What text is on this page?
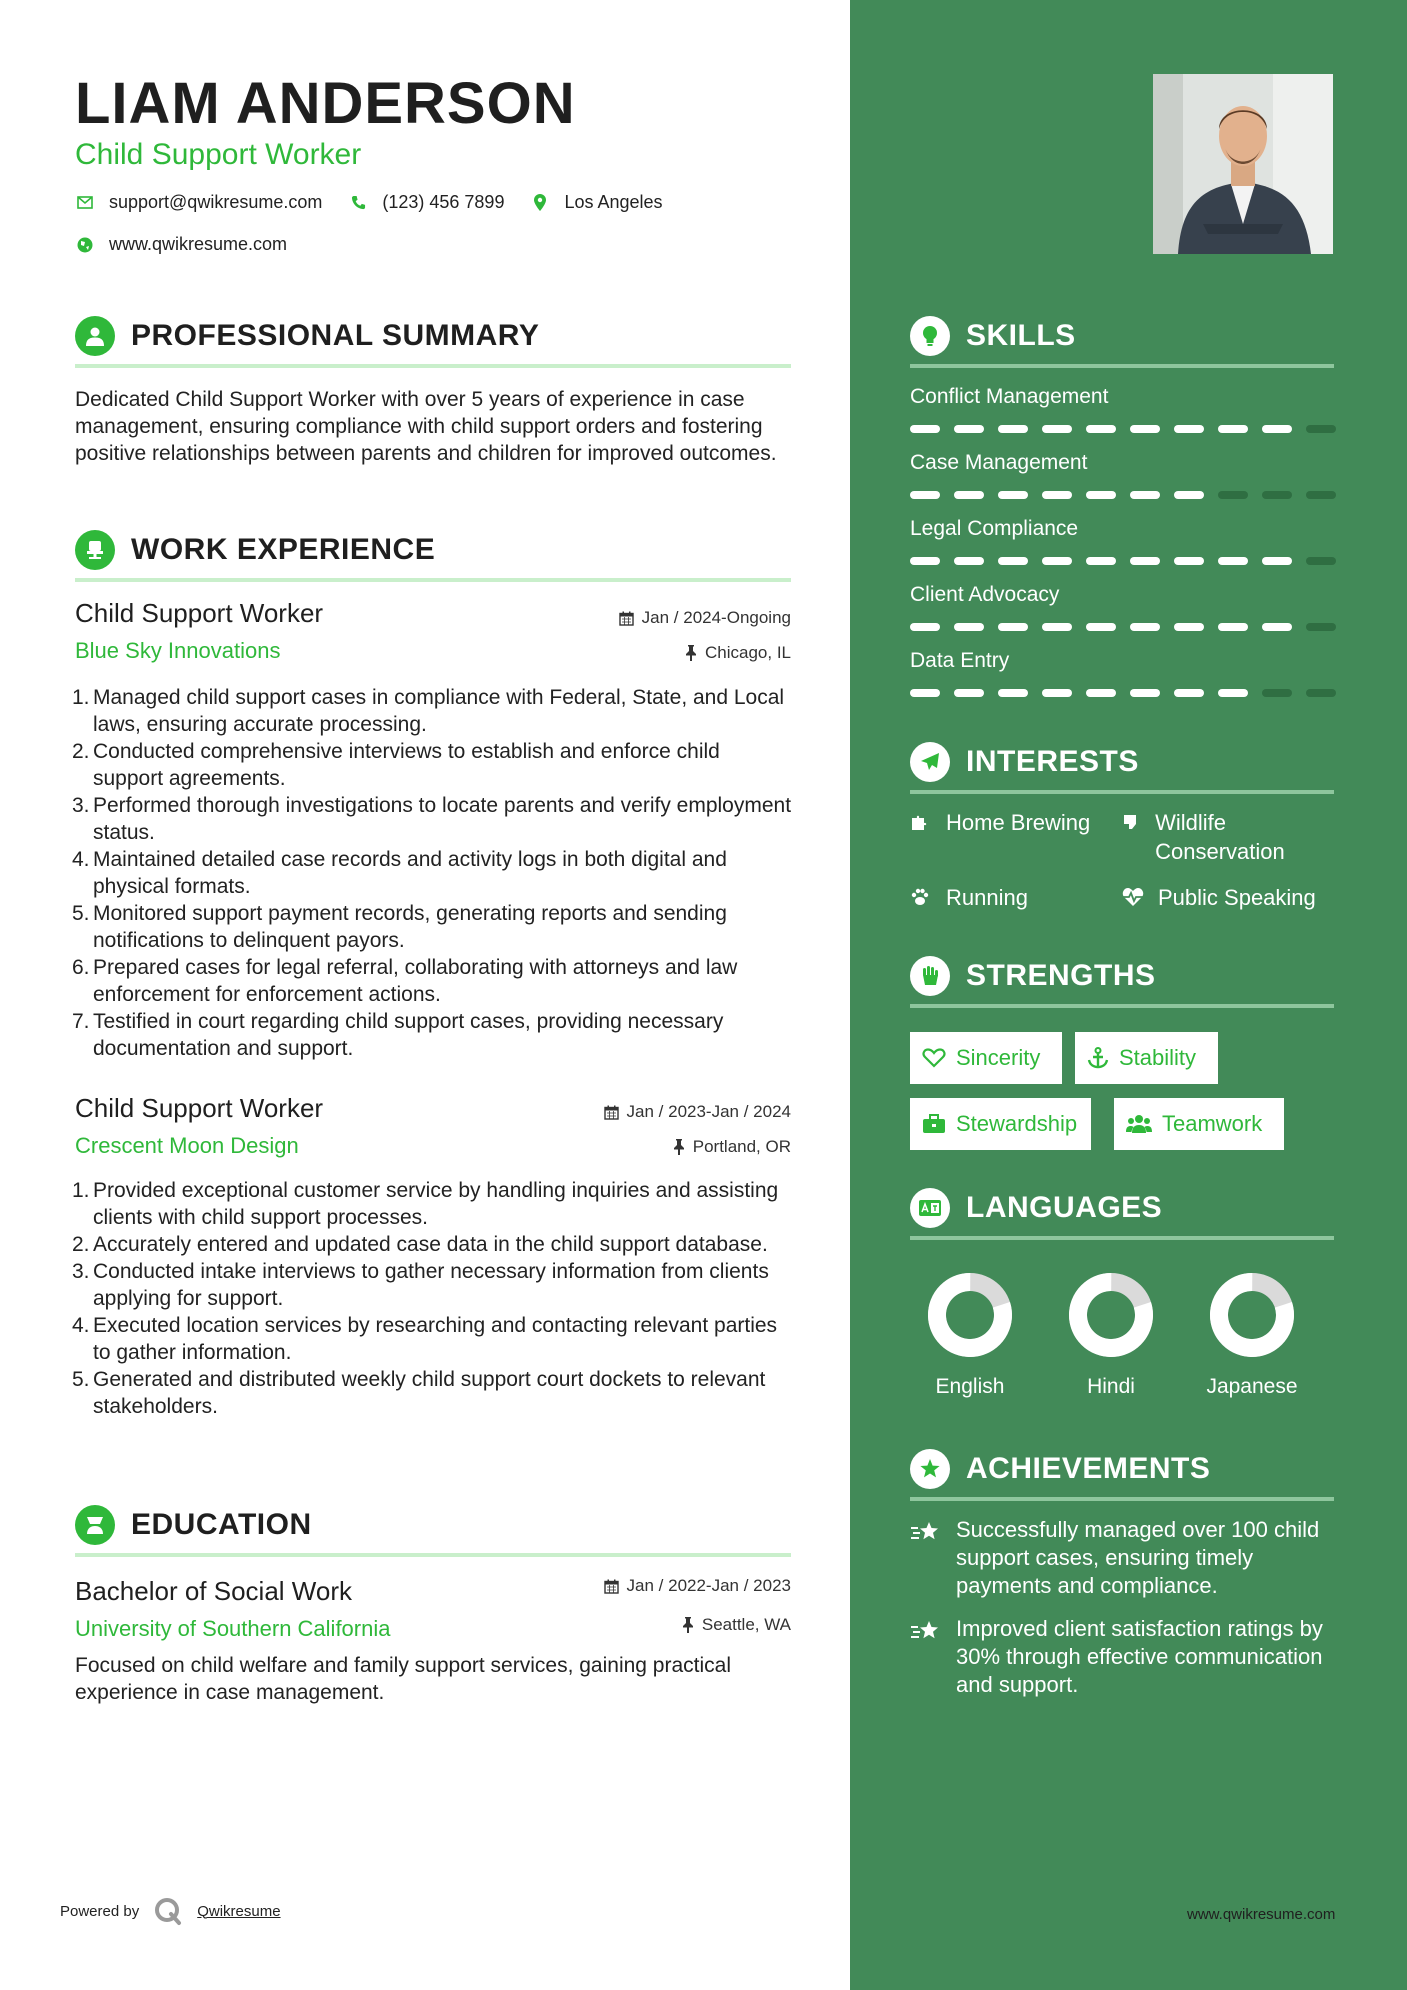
LIAM ANDERSON
Child Support Worker
support@qwikresume.com	(123) 456 7899	Los Angeles
www.qwikresume.com
PROFESSIONAL SUMMARY
Dedicated Child Support Worker with over 5 years of experience in case management, ensuring compliance with child support orders and fostering positive relationships between parents and children for improved outcomes.
WORK EXPERIENCE
Child Support Worker
Blue Sky Innovations
Jan / 2024-Ongoing
Chicago, IL
1. Managed child support cases in compliance with Federal, State, and Local laws, ensuring accurate processing.
2. Conducted comprehensive interviews to establish and enforce child support agreements.
3. Performed thorough investigations to locate parents and verify employment status.
4. Maintained detailed case records and activity logs in both digital and physical formats.
5. Monitored support payment records, generating reports and sending notifications to delinquent payors.
6. Prepared cases for legal referral, collaborating with attorneys and law enforcement for enforcement actions.
7. Testified in court regarding child support cases, providing necessary documentation and support.
Child Support Worker
Crescent Moon Design
Jan / 2023-Jan / 2024
Portland, OR
1. Provided exceptional customer service by handling inquiries and assisting clients with child support processes.
2. Accurately entered and updated case data in the child support database.
3. Conducted intake interviews to gather necessary information from clients applying for support.
4. Executed location services by researching and contacting relevant parties to gather information.
5. Generated and distributed weekly child support court dockets to relevant stakeholders.
EDUCATION
Bachelor of Social Work
University of Southern California
Jan / 2022-Jan / 2023
Seattle, WA
Focused on child welfare and family support services, gaining practical experience in case management.
Powered by	Qwikresume
SKILLS
Conflict Management
Case Management
Legal Compliance
Client Advocacy
Data Entry
INTERESTS
Home Brewing	Wildlife Conservation
Running	Public Speaking
STRENGTHS
Sincerity	Stability
Stewardship	Teamwork
LANGUAGES
English	Hindi	Japanese
ACHIEVEMENTS
Successfully managed over 100 child support cases, ensuring timely payments and compliance.
Improved client satisfaction ratings by 30% through effective communication and support.
www.qwikresume.com
